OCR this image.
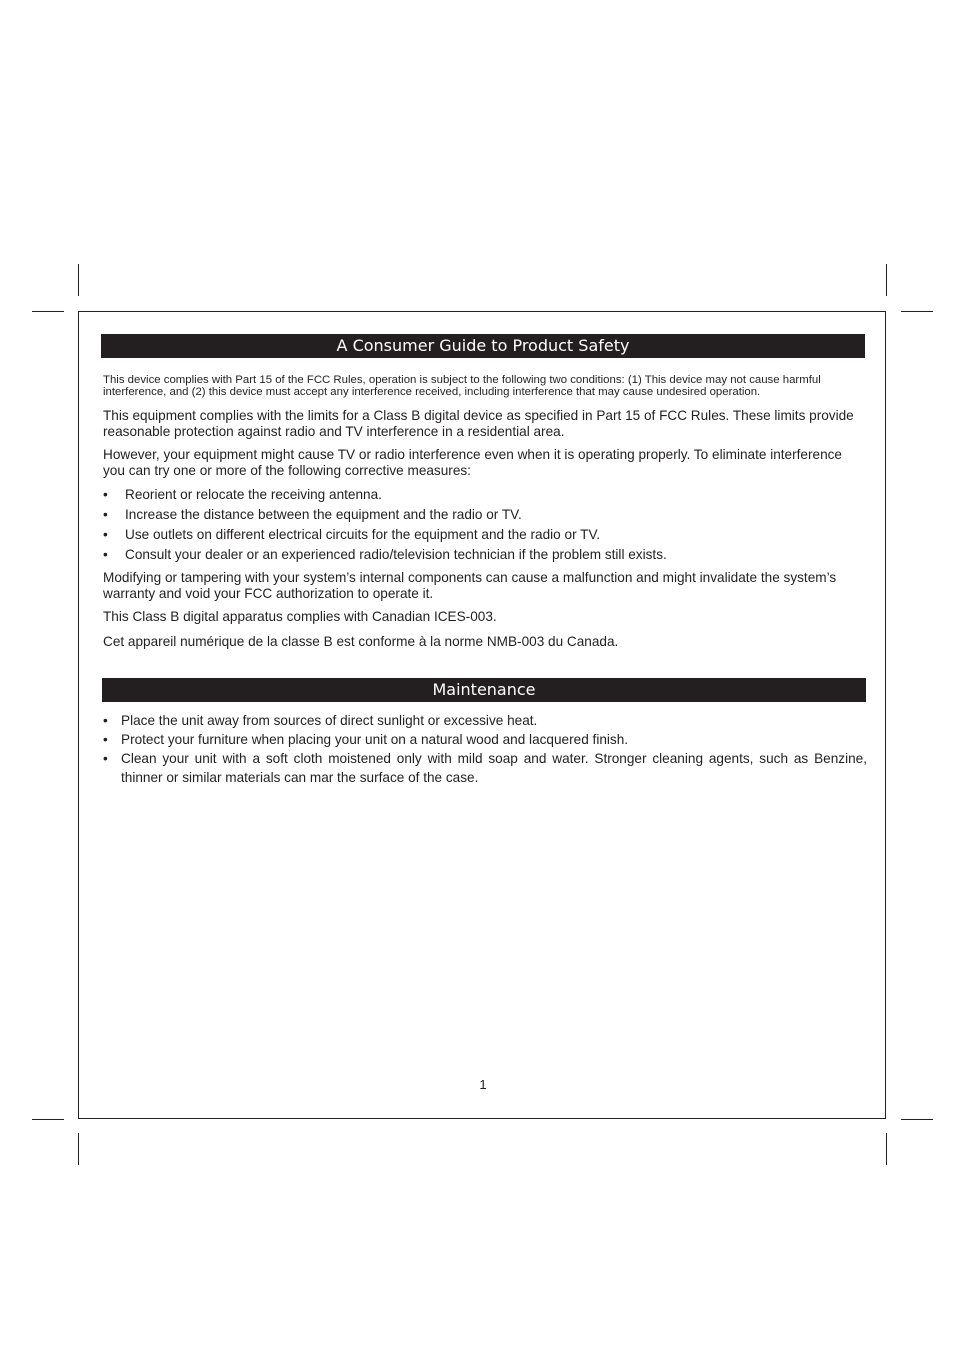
A Consumer Guide to Product Safety

This device complies with Part 15 of the FCC Rules, operation is subject to the following two conditions: (1) This device may not cause harmful interference, and (2) this device must accept any interference received, including interference that may cause undesired operation.

This equipment complies with the limits for a Class B digital device as specified in Part 15 of FCC Rules. These limits provide reasonable protection against radio and TV interference in a residential area.

However, your equipment might cause TV or radio interference even when it is operating properly. To eliminate interference you can try one or more of the following corrective measures:

• Reorient or relocate the receiving antenna.
• Increase the distance between the equipment and the radio or TV.
• Use outlets on different electrical circuits for the equipment and the radio or TV.
• Consult your dealer or an experienced radio/television technician if the problem still exists.

Modifying or tampering with your system’s internal components can cause a malfunction and might invalidate the system’s warranty and void your FCC authorization to operate it.

This Class B digital apparatus complies with Canadian ICES-003.

Cet appareil numérique de la classe B est conforme à la norme NMB-003 du Canada.

Maintenance
• Place the unit away from sources of direct sunlight or excessive heat.
• Protect your furniture when placing your unit on a natural wood and lacquered finish.
• Clean your unit with a soft cloth moistened only with mild soap and water. Stronger cleaning agents, such as Benzine, thinner or similar materials can mar the surface of the case.
1
